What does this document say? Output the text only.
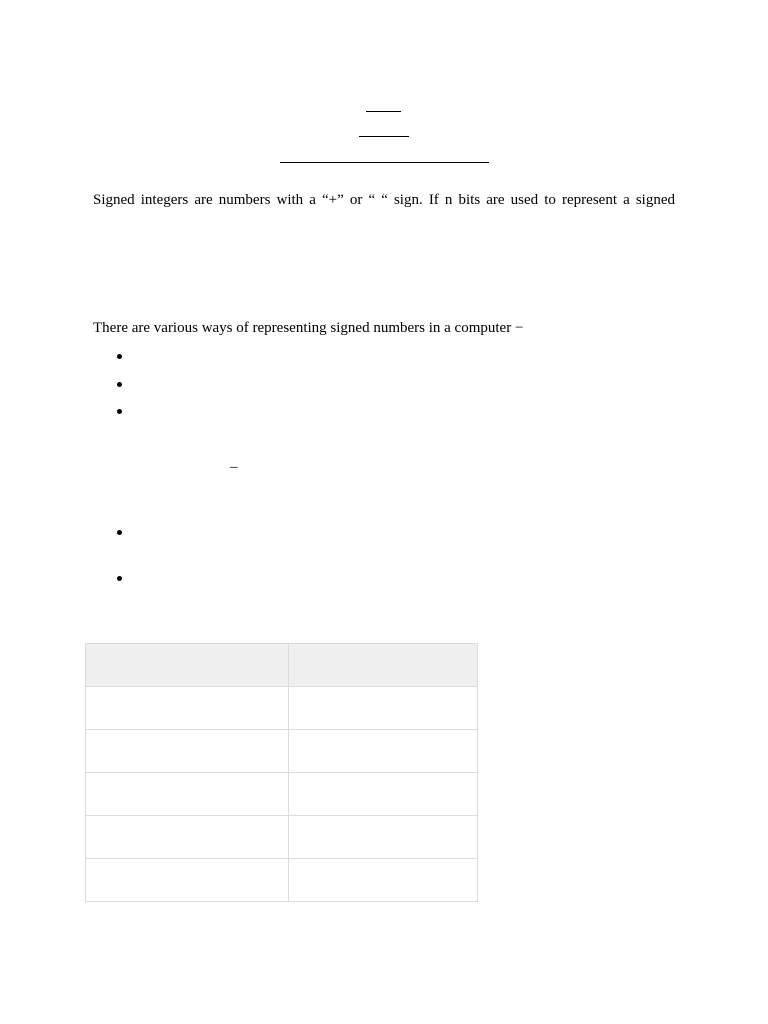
Signed integers are numbers with a “+” or “ “ sign. If n bits are used to represent a signed

There are various ways of representing signed numbers in a computer −

–
